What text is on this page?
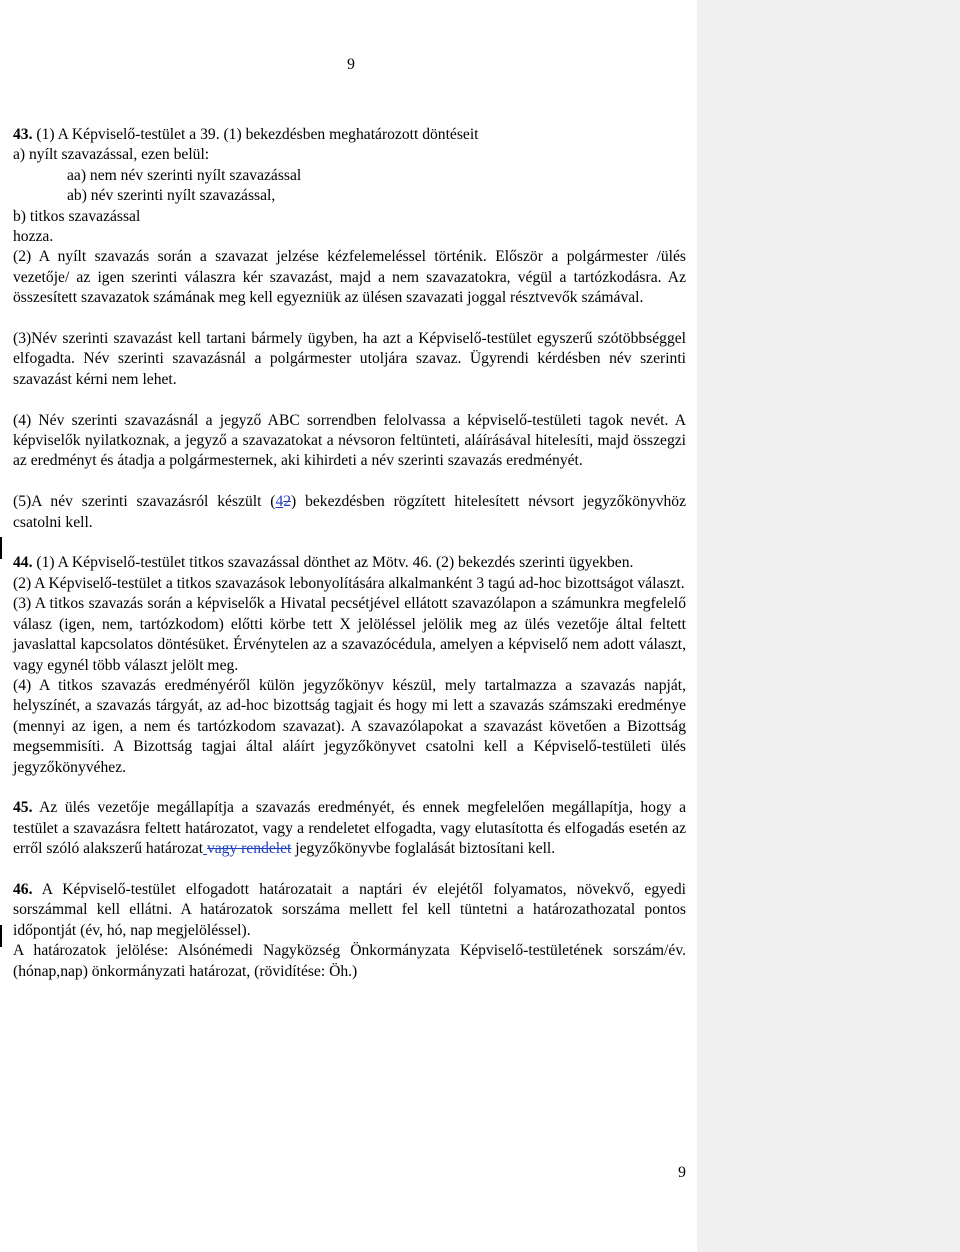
9

43. (1) A Képviselő-testület a 39. (1) bekezdésben meghatározott döntéseit

a) nyílt szavazással, ezen belül:

aa) nem név szerinti nyílt szavazással

ab) név szerinti nyílt szavazással,

b) titkos szavazással

hozza.

(2) A nyílt szavazás során a szavazat jelzése kézfelemeléssel történik. Először a polgármester /ülés vezetője/ az igen szerinti válaszra kér szavazást, majd a nem szavazatokra, végül a tartózkodásra. Az összesített szavazatok számának meg kell egyezniük az ülésen szavazati joggal résztvevők számával.

(3)Név szerinti szavazást kell tartani bármely ügyben, ha azt a Képviselő-testület egyszerű szótöbbséggel elfogadta. Név szerinti szavazásnál a polgármester utoljára szavaz. Ügyrendi kérdésben név szerinti szavazást kérni nem lehet.

(4) Név szerinti szavazásnál a jegyző ABC sorrendben felolvassa a képviselő-testületi tagok nevét. A képviselők nyilatkoznak, a jegyző a szavazatokat a névsoron feltünteti, aláírásával hitelesíti, majd összegzi az eredményt és átadja a polgármesternek, aki kihirdeti a név szerinti szavazás eredményét.

(5)A név szerinti szavazásról készült (42) bekezdésben rögzített hitelesített névsort jegyzőkönyvhöz csatolni kell.

44. (1) A Képviselő-testület titkos szavazással dönthet az Mötv. 46. (2) bekezdés szerinti ügyekben.

(2) A Képviselő-testület a titkos szavazások lebonyolítására alkalmanként 3 tagú ad-hoc bizottságot választ.

(3) A titkos szavazás során a képviselők a Hivatal pecsétjével ellátott szavazólapon a számunkra megfelelő válasz (igen, nem, tartózkodom) előtti körbe tett X jelöléssel jelölik meg az ülés vezetője által feltett javaslattal kapcsolatos döntésüket. Érvénytelen az a szavazócédula, amelyen a képviselő nem adott választ, vagy egynél több választ jelölt meg.

(4) A titkos szavazás eredményéről külön jegyzőkönyv készül, mely tartalmazza a szavazás napját, helyszínét, a szavazás tárgyát, az ad-hoc bizottság tagjait és hogy mi lett a szavazás számszaki eredménye (mennyi az igen, a nem és tartózkodom szavazat). A szavazólapokat a szavazást követően a Bizottság megsemmisíti. A Bizottság tagjai által aláírt jegyzőkönyvet csatolni kell a Képviselő-testületi ülés jegyzőkönyvéhez.

45. Az ülés vezetője megállapítja a szavazás eredményét, és ennek megfelelően megállapítja, hogy a testület a szavazásra feltett határozatot, vagy a rendeletet elfogadta, vagy elutasította és elfogadás esetén az erről szóló alakszerű határozat vagy rendelet jegyzőkönyvbe foglalását biztosítani kell.

46. A Képviselő-testület elfogadott határozatait a naptári év elejétől folyamatos, növekvő, egyedi sorszámmal kell ellátni. A határozatok sorszáma mellett fel kell tüntetni a határozathozatal pontos időpontját (év, hó, nap megjelöléssel).

A határozatok jelölése: Alsónémedi Nagyközség Önkormányzata Képviselő-testületének sorszám/év.(hónap,nap) önkormányzati határozat, (rövidítése: Öh.)

9
